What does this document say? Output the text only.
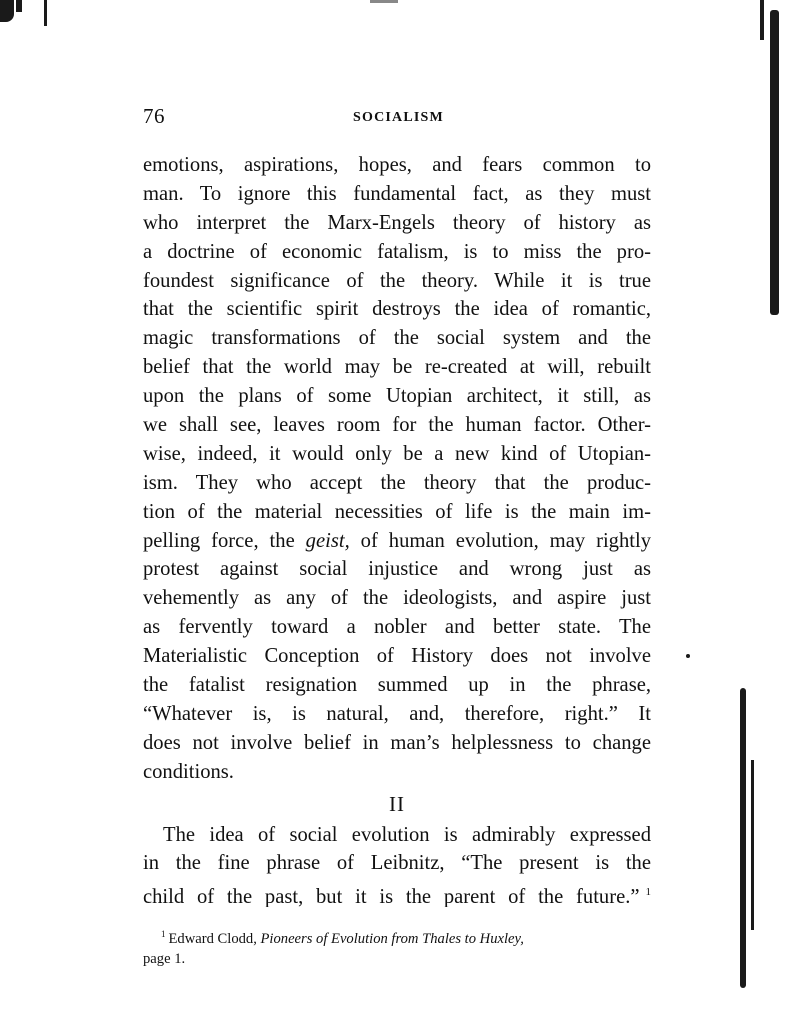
76	SOCIALISM
emotions, aspirations, hopes, and fears common to
man. To ignore this fundamental fact, as they must
who interpret the Marx-Engels theory of history as
a doctrine of economic fatalism, is to miss the pro-
foundest significance of the theory. While it is true
that the scientific spirit destroys the idea of romantic,
magic transformations of the social system and the
belief that the world may be re-created at will, rebuilt
upon the plans of some Utopian architect, it still, as
we shall see, leaves room for the human factor. Other-
wise, indeed, it would only be a new kind of Utopian-
ism. They who accept the theory that the produc-
tion of the material necessities of life is the main im-
pelling force, the geist, of human evolution, may rightly
protest against social injustice and wrong just as
vehemently as any of the ideologists, and aspire just
as fervently toward a nobler and better state. The
Materialistic Conception of History does not involve
the fatalist resignation summed up in the phrase,
“Whatever is, is natural, and, therefore, right.” It
does not involve belief in man’s helplessness to change
conditions.
II
The idea of social evolution is admirably expressed
in the fine phrase of Leibnitz, “The present is the
child of the past, but it is the parent of the future.” $^1$
$^1$ Edward Clodd, Pioneers of Evolution from Thales to Huxley,
page 1.
